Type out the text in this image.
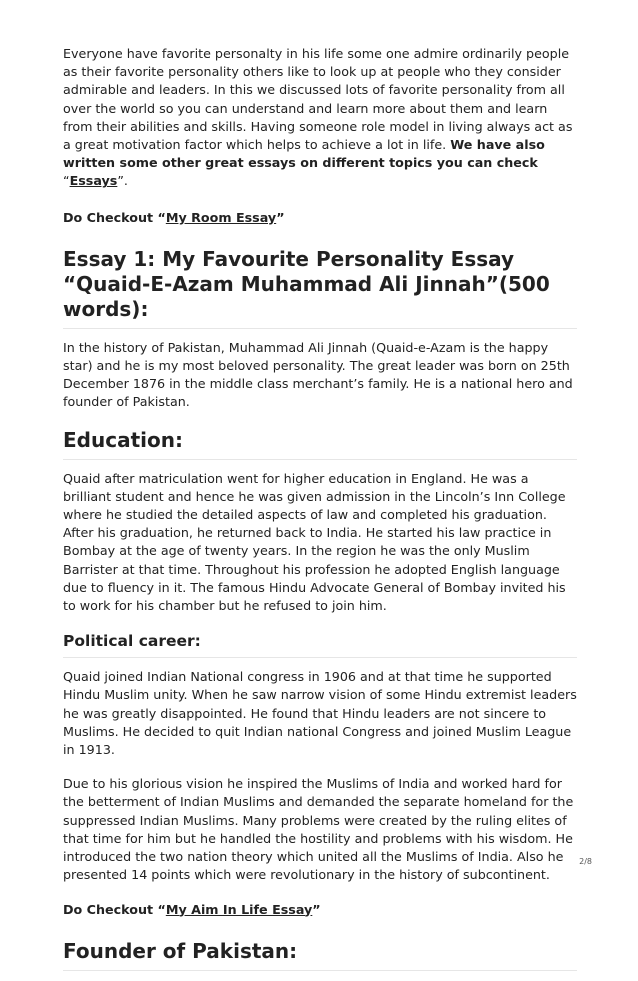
Everyone have favorite personalty in his life some one admire ordinarily people as their favorite personality others like to look up at people who they consider admirable and leaders. In this we discussed lots of favorite personality from all over the world so you can understand and learn more about them and learn from their abilities and skills. Having someone role model in living always act as a great motivation factor which helps to achieve a lot in life. We have also written some other great essays on different topics you can check “Essays”.

Do Checkout “My Room Essay”

Essay 1: My Favourite Personality Essay “Quaid-E-Azam Muhammad Ali Jinnah”(500 words):

In the history of Pakistan, Muhammad Ali Jinnah (Quaid-e-Azam is the happy star) and he is my most beloved personality. The great leader was born on 25th December 1876 in the middle class merchant’s family. He is a national hero and founder of Pakistan.

Education:

Quaid after matriculation went for higher education in England. He was a brilliant student and hence he was given admission in the Lincoln’s Inn College where he studied the detailed aspects of law and completed his graduation. After his graduation, he returned back to India. He started his law practice in Bombay at the age of twenty years. In the region he was the only Muslim Barrister at that time. Throughout his profession he adopted English language due to fluency in it. The famous Hindu Advocate General of Bombay invited his to work for his chamber but he refused to join him.

Political career:

Quaid joined Indian National congress in 1906 and at that time he supported Hindu Muslim unity. When he saw narrow vision of some Hindu extremist leaders he was greatly disappointed. He found that Hindu leaders are not sincere to Muslims. He decided to quit Indian national Congress and joined Muslim League in 1913.

Due to his glorious vision he inspired the Muslims of India and worked hard for the betterment of Indian Muslims and demanded the separate homeland for the suppressed Indian Muslims. Many problems were created by the ruling elites of that time for him but he handled the hostility and problems with his wisdom. He introduced the two nation theory which united all the Muslims of India. Also he presented 14 points which were revolutionary in the history of subcontinent.

Do Checkout “My Aim In Life Essay”

Founder of Pakistan:
2/8
